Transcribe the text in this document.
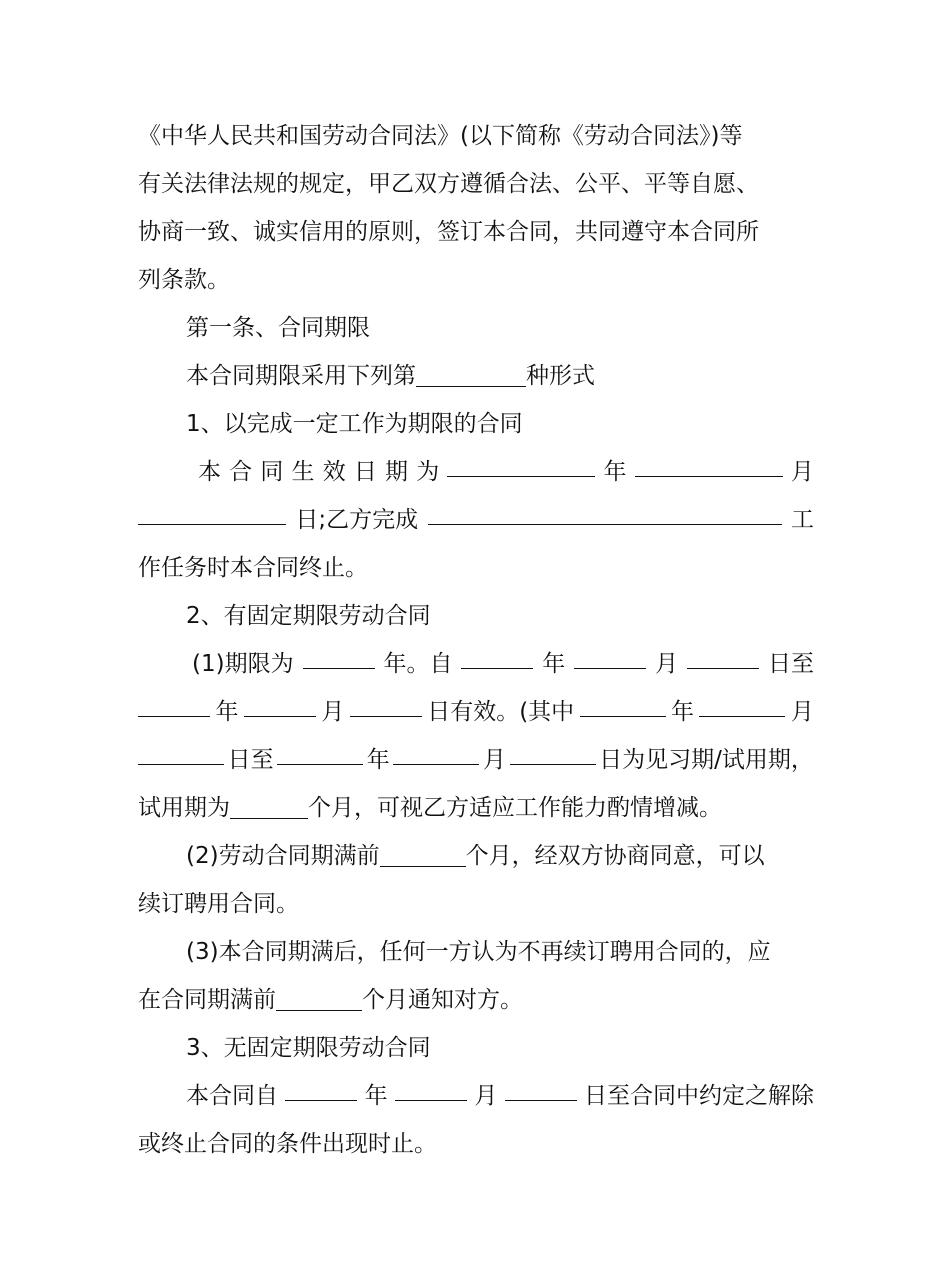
《中华人民共和国劳动合同法》(以下简称《劳动合同法》)等
有关法律法规的规定，甲乙双方遵循合法、公平、平等自愿、
协商一致、诚实信用的原则，签订本合同，共同遵守本合同所
列条款。
第一条、合同期限
本合同期限采用下列第	种形式
1、以完成一定工作为期限的合同
本 合 同 生 效 日 期 为	年	月
日;乙方完成	工
作任务时本合同终止。
2、有固定期限劳动合同
(1)期限为	年。自	年	月	日至
年	月	日有效。(其中	年	月
日至	年	月	日为见习期/试用期，
试用期为	个月，可视乙方适应工作能力酌情增减。
(2)劳动合同期满前	个月，经双方协商同意，可以
续订聘用合同。
(3)本合同期满后，任何一方认为不再续订聘用合同的，应
在合同期满前	个月通知对方。
3、无固定期限劳动合同
本合同自	年	月	日至合同中约定之解除
或终止合同的条件出现时止。
